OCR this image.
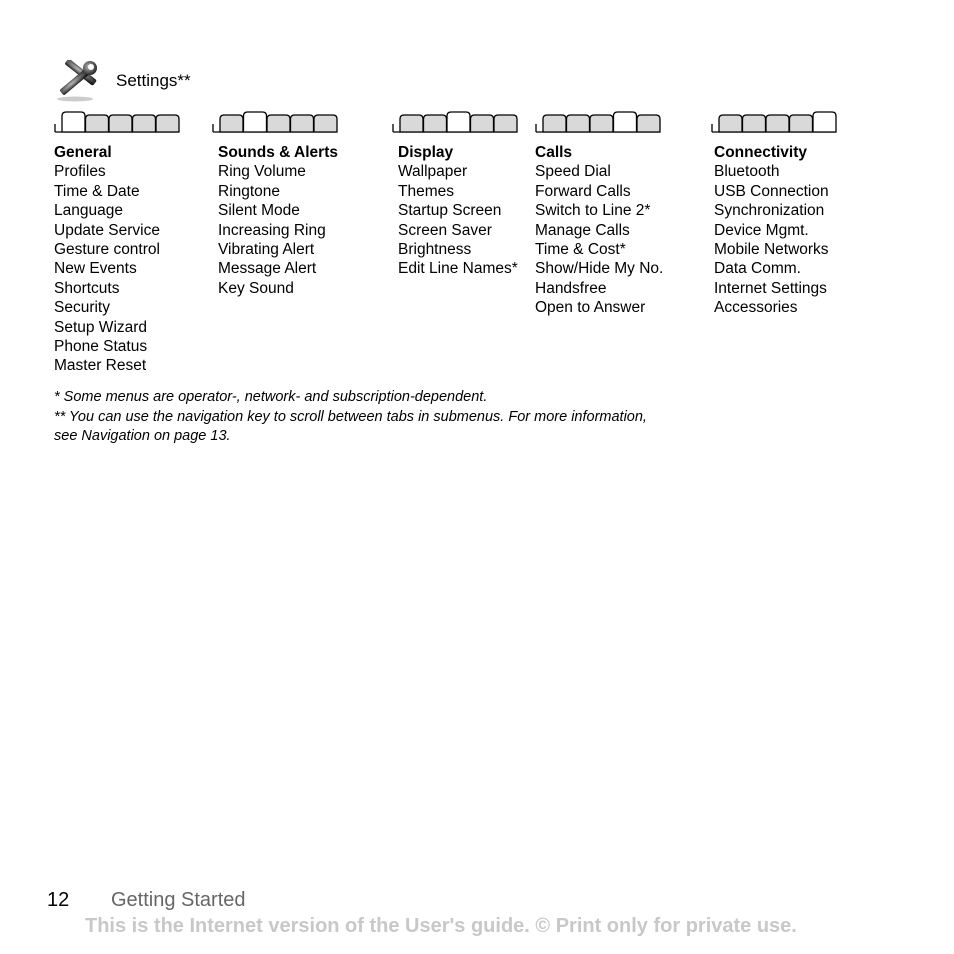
Settings**
General
Profiles
Time & Date
Language
Update Service
Gesture control
New Events
Shortcuts
Security
Setup Wizard
Phone Status
Master Reset
Sounds & Alerts
Ring Volume
Ringtone
Silent Mode
Increasing Ring
Vibrating Alert
Message Alert
Key Sound
Display
Wallpaper
Themes
Startup Screen
Screen Saver
Brightness
Edit Line Names*
Calls
Speed Dial
Forward Calls
Switch to Line 2*
Manage Calls
Time & Cost*
Show/Hide My No.
Handsfree
Open to Answer
Connectivity
Bluetooth
USB Connection
Synchronization
Device Mgmt.
Mobile Networks
Data Comm.
Internet Settings
Accessories

* Some menus are operator-, network- and subscription-dependent.

** You can use the navigation key to scroll between tabs in submenus. For more information,

see Navigation on page 13.

12 Getting Started
This is the Internet version of the User's guide. © Print only for private use.
